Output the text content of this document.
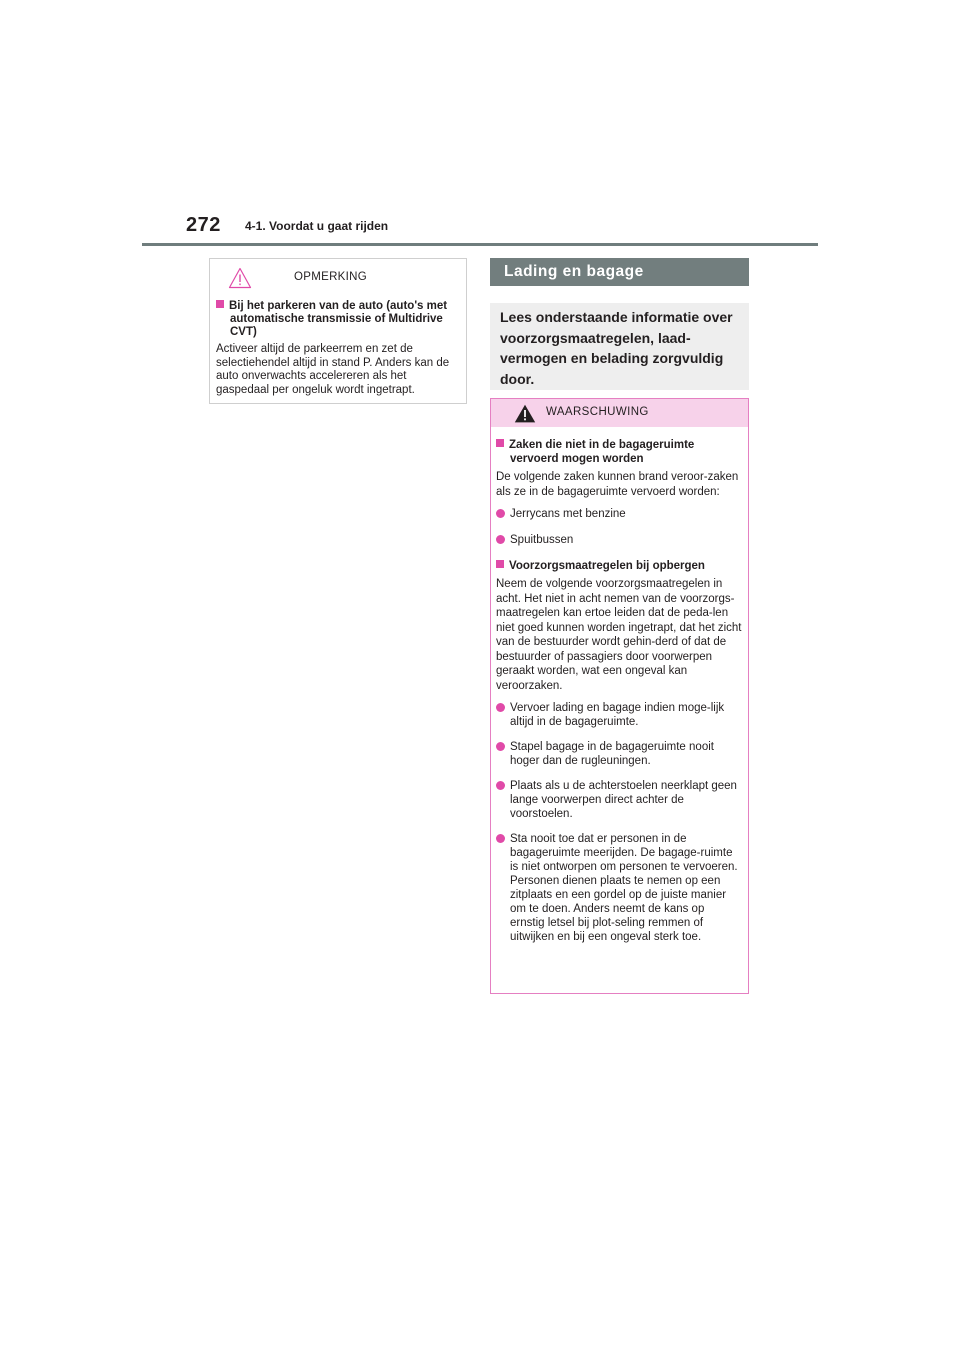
272 4-1. Voordat u gaat rijden
OPMERKING
Bij het parkeren van de auto (auto's met automatische transmissie of Multidrive CVT)
Activeer altijd de parkeerrem en zet de selectiehendel altijd in stand P. Anders kan de auto onverwachts accelereren als het gaspedaal per ongeluk wordt ingetrapt.
Lading en bagage
Lees onderstaande informatie over voorzorgsmaatregelen, laad-vermogen en belading zorgvuldig door.
WAARSCHUWING
Zaken die niet in de bagageruimte vervoerd mogen worden
De volgende zaken kunnen brand veroor-zaken als ze in de bagageruimte vervoerd worden:
Jerrycans met benzine
Spuitbussen
Voorzorgsmaatregelen bij opbergen
Neem de volgende voorzorgsmaatregelen in acht. Het niet in acht nemen van de voorzorgs-maatregelen kan ertoe leiden dat de peda-len niet goed kunnen worden ingetrapt, dat het zicht van de bestuurder wordt gehin-derd of dat de bestuurder of passagiers door voorwerpen geraakt worden, wat een ongeval kan veroorzaken.
Vervoer lading en bagage indien moge-lijk altijd in de bagageruimte.
Stapel bagage in de bagageruimte nooit hoger dan de rugleuningen.
Plaats als u de achterstoelen neerklapt geen lange voorwerpen direct achter de voorstoelen.
Sta nooit toe dat er personen in de bagageruimte meerijden. De bagage-ruimte is niet ontworpen om personen te vervoeren. Personen dienen plaats te nemen op een zitplaats en een gordel op de juiste manier om te doen. Anders neemt de kans op ernstig letsel bij plot-seling remmen of uitwijken en bij een ongeval sterk toe.
